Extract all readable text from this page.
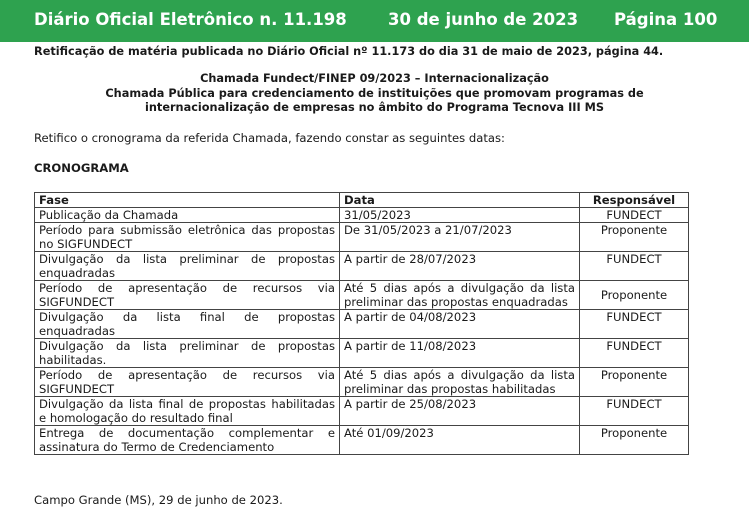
Diário Oficial Eletrônico n. 11.198 30 de junho de 2023 Página 100
Retificação de matéria publicada no Diário Oficial nº 11.173 do dia 31 de maio de 2023, página 44.
Chamada Fundect/FINEP 09/2023 – Internacionalização
Chamada Pública para credenciamento de instituições que promovam programas de
internacionalização de empresas no âmbito do Programa Tecnova III MS
Retifico o cronograma da referida Chamada, fazendo constar as seguintes datas:
CRONOGRAMA
Fase	Data	Responsável
Publicação da Chamada	31/05/2023	FUNDECT
Período para submissão eletrônica das propostas no SIGFUNDECT	De 31/05/2023 a 21/07/2023	Proponente
Divulgação da lista preliminar de propostas enquadradas	A partir de 28/07/2023	FUNDECT
Período de apresentação de recursos via SIGFUNDECT	Até 5 dias após a divulgação da lista preliminar das propostas enquadradas	Proponente
Divulgação da lista final de propostas enquadradas	A partir de 04/08/2023	FUNDECT
Divulgação da lista preliminar de propostas habilitadas.	A partir de 11/08/2023	FUNDECT
Período de apresentação de recursos via SIGFUNDECT	Até 5 dias após a divulgação da lista preliminar das propostas habilitadas	Proponente
Divulgação da lista final de propostas habilitadas e homologação do resultado final	A partir de 25/08/2023	FUNDECT
Entrega de documentação complementar e assinatura do Termo de Credenciamento	Até 01/09/2023	Proponente
Campo Grande (MS), 29 de junho de 2023.
